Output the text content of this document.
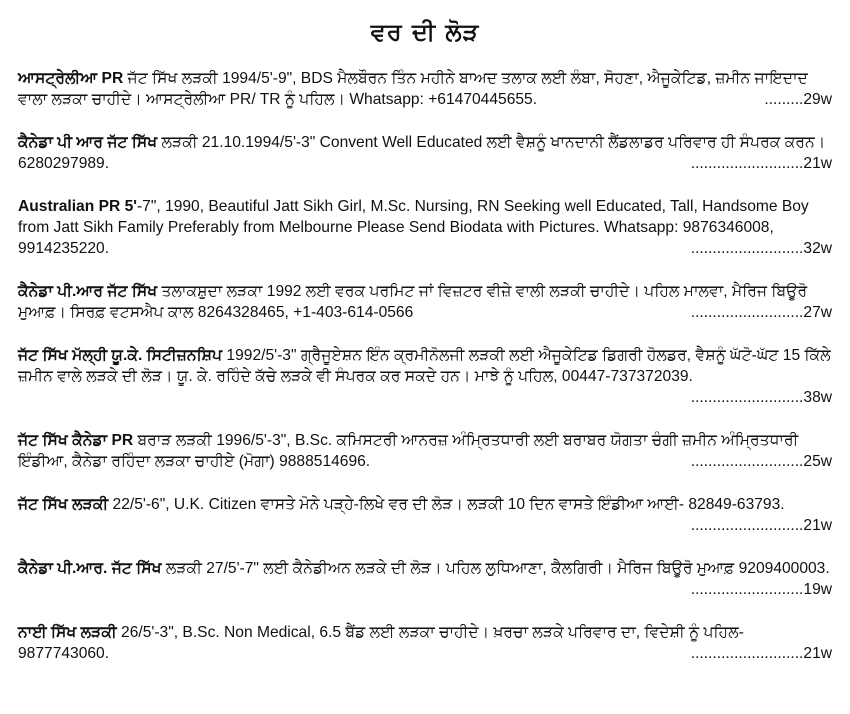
ਵਰ ਦੀ ਲੋੜ
ਆਸਟ੍ਰੇਲੀਆ PR ਜੱਟ ਸਿੱਖ ਲੜਕੀ 1994/5'-9", BDS ਮੈਲਬੌਰਨ ਤਿੰਨ ਮਹੀਨੇ ਬਾਅਦ ਤਲਾਕ ਲਈ ਲੰਬਾ, ਸੋਹਣਾ, ਐਜੂਕੇਟਿਡ, ਜ਼ਮੀਨ ਜਾਇਦਾਦ ਵਾਲਾ ਲੜਕਾ ਚਾਹੀਦੇ। ਆਸਟ੍ਰੇਲੀਆ PR/ TR ਨੂੰ ਪਹਿਲ। Whatsapp: +61470445655.	.........29w
ਕੈਨੇਡਾ ਪੀ ਆਰ ਜੱਟ ਸਿੱਖ ਲੜਕੀ 21.10.1994/5'-3" Convent Well Educated ਲਈ ਵੈਸ਼ਨੂੰ ਖਾਨਦਾਨੀ ਲੈਂਡਲਾਡਰ ਪਰਿਵਾਰ ਹੀ ਸੰਪਰਕ ਕਰਨ। 6280297989.	..........................21w
Australian PR 5'-7", 1990, Beautiful Jatt Sikh Girl, M.Sc. Nursing, RN Seeking well Educated, Tall, Handsome Boy from Jatt Sikh Family Preferably from Melbourne Please Send Biodata with Pictures. Whatsapp: 9876346008, 9914235220.	..........................32w
ਕੈਨੇਡਾ ਪੀ.ਆਰ ਜੱਟ ਸਿੱਖ ਤਲਾਕਸ਼ੁਦਾ ਲੜਕਾ 1992 ਲਈ ਵਰਕ ਪਰਮਿਟ ਜਾਂ ਵਿਜ਼ਟਰ ਵੀਜ਼ੇ ਵਾਲੀ ਲੜਕੀ ਚਾਹੀਦੇ। ਪਹਿਲ ਮਾਲਵਾ, ਮੈਰਿਜ ਬਿਊਰੋ ਮੁਆਫ਼। ਸਿਰਫ਼ ਵਟਸਐਪ ਕਾਲ 8264328465, +1-403-614-0566	..........................27w
ਜੱਟ ਸਿੱਖ ਮੱਲ੍ਹੀ ਯੂ.ਕੇ. ਸਿਟੀਜ਼ਨਸ਼ਿਪ 1992/5'-3" ਗ੍ਰੈਜੂਏਸ਼ਨ ਇੰਨ ਕ੍ਰਮੀਨੋਲਜੀ ਲੜਕੀ ਲਈ ਐਜੂਕੇਟਿਡ ਡਿਗਰੀ ਹੋਲਡਰ, ਵੈਸ਼ਨੂੰ ਘੱਟੋ-ਘੱਟ 15 ਕਿੱਲੇ ਜ਼ਮੀਨ ਵਾਲੇ ਲੜਕੇ ਦੀ ਲੋੜ। ਯੂ. ਕੇ. ਰਹਿੰਦੇ ਕੱਚੇ ਲੜਕੇ ਵੀ ਸੰਪਰਕ ਕਰ ਸਕਦੇ ਹਨ। ਮਾਝੇ ਨੂੰ ਪਹਿਲ, 00447-737372039.
..........................38w
ਜੱਟ ਸਿੱਖ ਕੈਨੇਡਾ PR ਬਰਾੜ ਲੜਕੀ 1996/5'-3", B.Sc. ਕਮਿਸਟਰੀ ਆਨਰਜ਼ ਅੰਮ੍ਰਿਤਧਾਰੀ ਲਈ ਬਰਾਬਰ ਯੋਗਤਾ ਚੰਗੀ ਜ਼ਮੀਨ ਅੰਮ੍ਰਿਤਧਾਰੀ ਇੰਡੀਆ, ਕੈਨੇਡਾ ਰਹਿੰਦਾ ਲੜਕਾ ਚਾਹੀਏ (ਮੋਗਾ) 9888514696.	..........................25w
ਜੱਟ ਸਿੱਖ ਲੜਕੀ 22/5'-6", U.K. Citizen ਵਾਸਤੇ ਮੋਨੇ ਪੜ੍ਹੇ-ਲਿਖੇ ਵਰ ਦੀ ਲੋੜ। ਲੜਕੀ 10 ਦਿਨ ਵਾਸਤੇ ਇੰਡੀਆ ਆਈ- 82849-63793.
..........................21w
ਕੈਨੇਡਾ ਪੀ.ਆਰ. ਜੱਟ ਸਿੱਖ ਲੜਕੀ 27/5'-7" ਲਈ ਕੈਨੇਡੀਅਨ ਲੜਕੇ ਦੀ ਲੋੜ। ਪਹਿਲ ਲੁਧਿਆਣਾ, ਕੈਲਗਿਰੀ। ਮੈਰਿਜ ਬਿਊਰੋ ਮੁਆਫ਼ 9209400003.
..........................19w
ਨਾਈ ਸਿੱਖ ਲੜਕੀ 26/5'-3", B.Sc. Non Medical, 6.5 ਬੈਂਡ ਲਈ ਲੜਕਾ ਚਾਹੀਦੇ। ਖ਼ਰਚਾ ਲੜਕੇ ਪਰਿਵਾਰ ਦਾ, ਵਿਦੇਸ਼ੀ ਨੂੰ ਪਹਿਲ- 9877743060.	..........................21w
